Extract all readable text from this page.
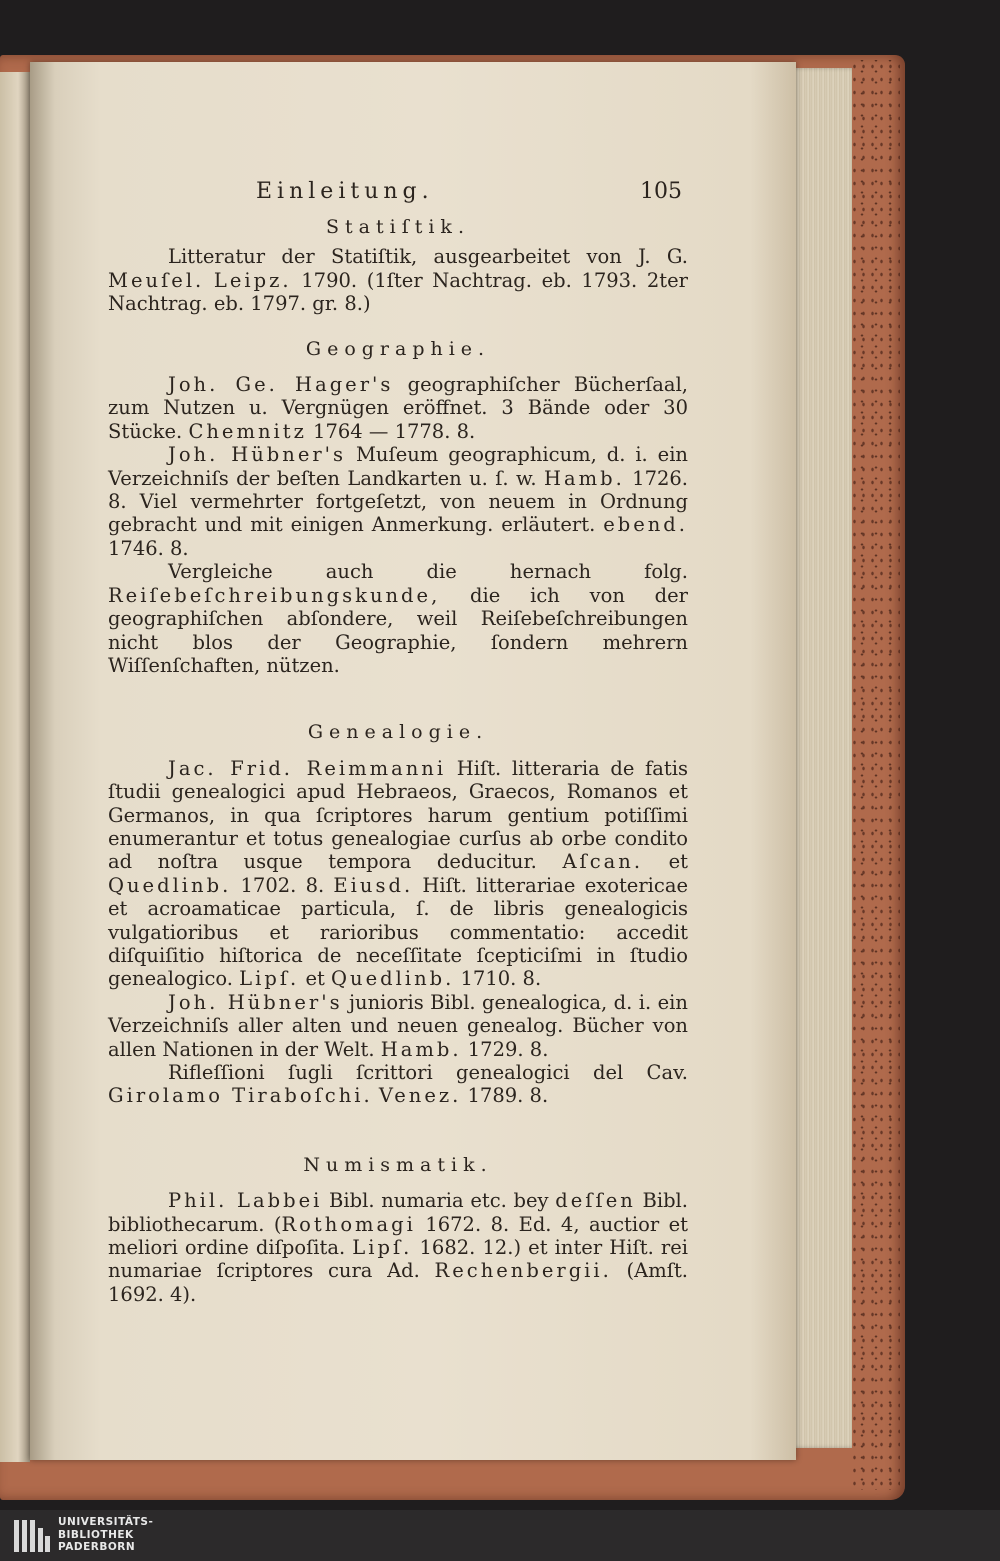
Einleitung.	105
Statiſtik.

Litteratur der Statiſtik, ausgearbeitet von J. G. Meuſel. Leipz. 1790. (1ſter Nachtrag. eb. 1793. 2ter Nachtrag. eb. 1797. gr. 8.)

Geographie.

Joh. Ge. Hager's geographiſcher Bücherſaal, zum Nutzen u. Vergnügen eröffnet. 3 Bände oder 30 Stücke. Chemnitz 1764 — 1778. 8.

Joh. Hübner's Muſeum geographicum, d. i. ein Verzeichniſs der beſten Landkarten u. ſ. w. Hamb. 1726. 8. Viel vermehrter fortgeſetzt, von neuem in Ordnung gebracht und mit einigen Anmerkung. erläutert. ebend. 1746. 8.

Vergleiche auch die hernach folg. Reiſebeſchreibungskunde, die ich von der geographiſchen abſondere, weil Reiſebeſchreibungen nicht blos der Geographie, ſondern mehrern Wiſſenſchaften, nützen.

Genealogie.

Jac. Frid. Reimmanni Hiſt. litteraria de fatis ſtudii genealogici apud Hebraeos, Graecos, Romanos et Germanos, in qua ſcriptores harum gentium potiſſimi enumerantur et totus genealogiae curſus ab orbe condito ad noſtra usque tempora deducitur. Aſcan. et Quedlinb. 1702. 8. Eiusd. Hiſt. litterariae exotericae et acroamaticae particula, ſ. de libris genealogicis vulgatioribus et rarioribus commentatio: accedit diſquiſitio hiſtorica de neceſſitate ſcepticiſmi in ſtudio genealogico. Lipſ. et Quedlinb. 1710. 8.

Joh. Hübner's junioris Bibl. genealogica, d. i. ein Verzeichniſs aller alten und neuen genealog. Bücher von allen Nationen in der Welt. Hamb. 1729. 8.

Rifleſſioni ſugli ſcrittori genealogici del Cav. Girolamo Tiraboſchi. Venez. 1789. 8.

Numismatik.

Phil. Labbei Bibl. numaria etc. bey deſſen Bibl. bibliothecarum. (Rothomagi 1672. 8. Ed. 4, auctior et meliori ordine diſpoſita. Lipſ. 1682. 12.) et inter Hiſt. rei numariae ſcriptores cura Ad. Rechenbergii. (Amſt. 1692. 4).

UNIVERSITÄTS-
BIBLIOTHEK
PADERBORN
